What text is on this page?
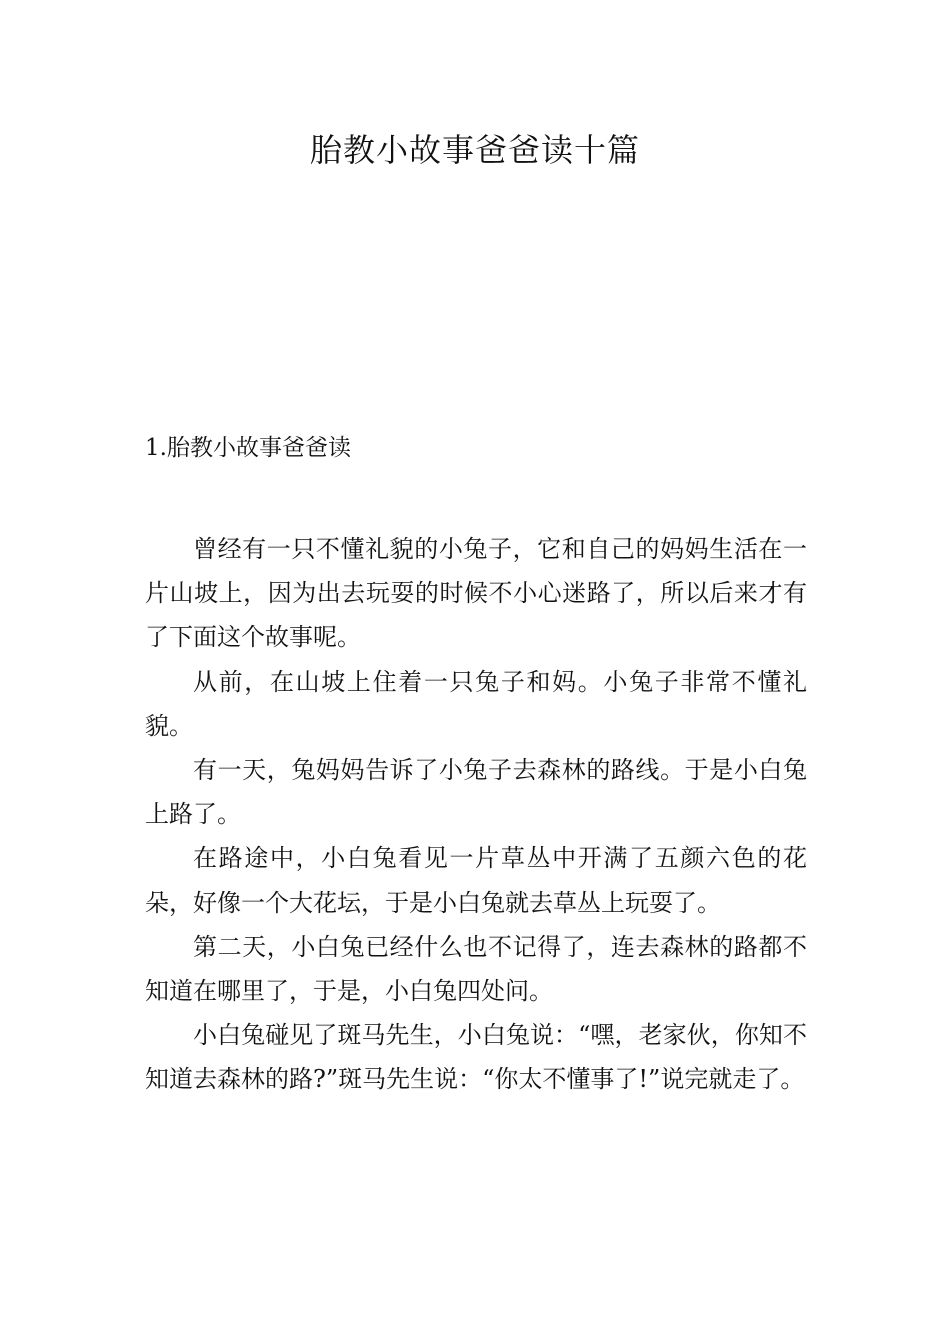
胎教小故事爸爸读十篇
1.胎教小故事爸爸读

曾经有一只不懂礼貌的小兔子，它和自己的妈妈生活在一片山坡上，因为出去玩耍的时候不小心迷路了，所以后来才有了下面这个故事呢。

从前，在山坡上住着一只兔子和妈。小兔子非常不懂礼貌。

有一天，兔妈妈告诉了小兔子去森林的路线。于是小白兔上路了。

在路途中，小白兔看见一片草丛中开满了五颜六色的花朵，好像一个大花坛，于是小白兔就去草丛上玩耍了。

第二天，小白兔已经什么也不记得了，连去森林的路都不知道在哪里了，于是，小白兔四处问。

小白兔碰见了斑马先生，小白兔说：“嘿，老家伙，你知不知道去森林的路?”斑马先生说：“你太不懂事了!”说完就走了。
